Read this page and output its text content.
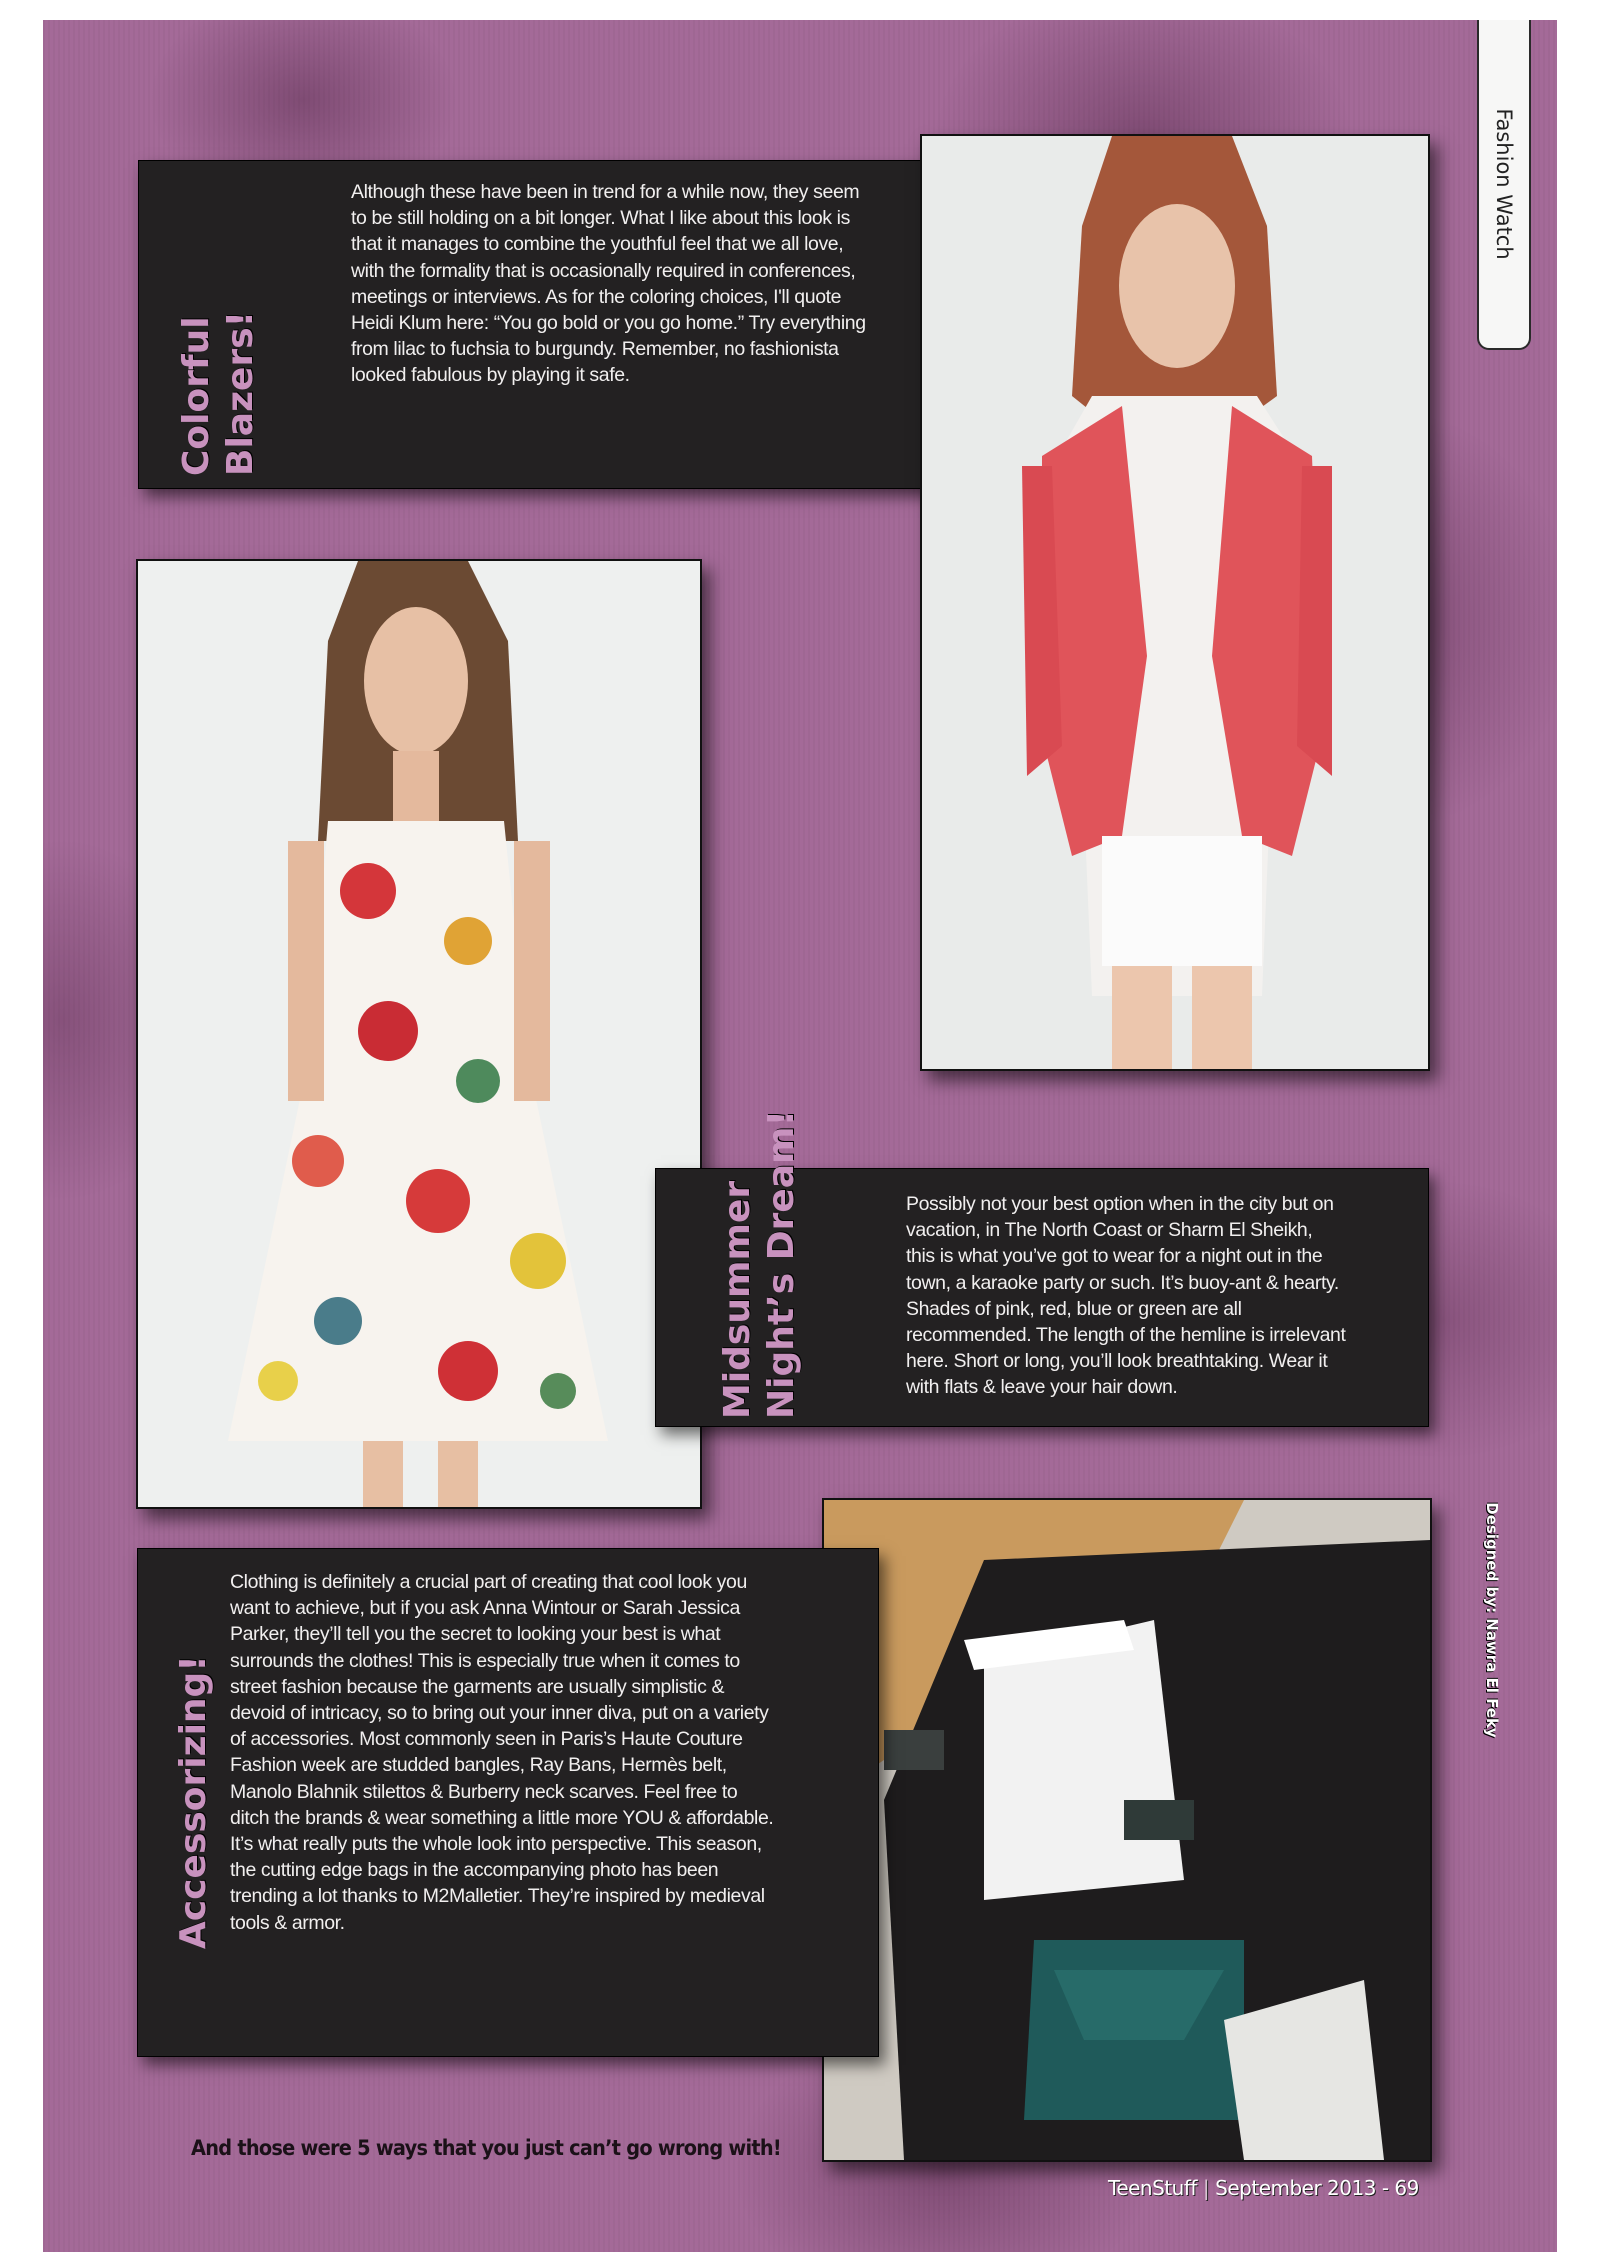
Colorful
Blazers!
Although these have been in trend for a while now, they seem to be still holding on a bit longer. What I like about this look is that it manages to combine the youthful feel that we all love, with the formality that is occasionally required in conferences, meetings or interviews. As for the coloring choices, I'll quote Heidi Klum here: “You go bold or you go home.” Try everything from lilac to fuchsia to burgundy. Remember, no fashionista looked fabulous by playing it safe.
Midsummer
Night’s Dream!	Possibly not your best option when in the city but on vacation, in The North Coast or Sharm El Sheikh, this is what you’ve got to wear for a night out in the town, a karaoke party or such. It’s buoy-ant & hearty. Shades of pink, red, blue or green are all recommended. The length of the hemline is irrelevant here. Short or long, you’ll look breathtaking. Wear it with flats & leave your hair down.
Accessorizing!
Clothing is definitely a crucial part of creating that cool look you want to achieve, but if you ask Anna Wintour or Sarah Jessica Parker, they’ll tell you the secret to looking your best is what surrounds the clothes! This is especially true when it comes to street fashion because the garments are usually simplistic & devoid of intricacy, so to bring out your inner diva, put on a variety of accessories. Most commonly seen in Paris’s Haute Couture Fashion week are studded bangles, Ray Bans, Hermès belt, Manolo Blahnik stilettos & Burberry neck scarves. Feel free to ditch the brands & wear something a little more YOU & affordable. It’s what really puts the whole look into perspective. This season, the cutting edge bags in the accompanying photo has been trending a lot thanks to M2Malletier. They’re inspired by medieval tools & armor.
And those were 5 ways that you just can’t go wrong with!
Fashion Watch
Designed by: Nawra El Feky
TeenStuff | September 2013 - 69
